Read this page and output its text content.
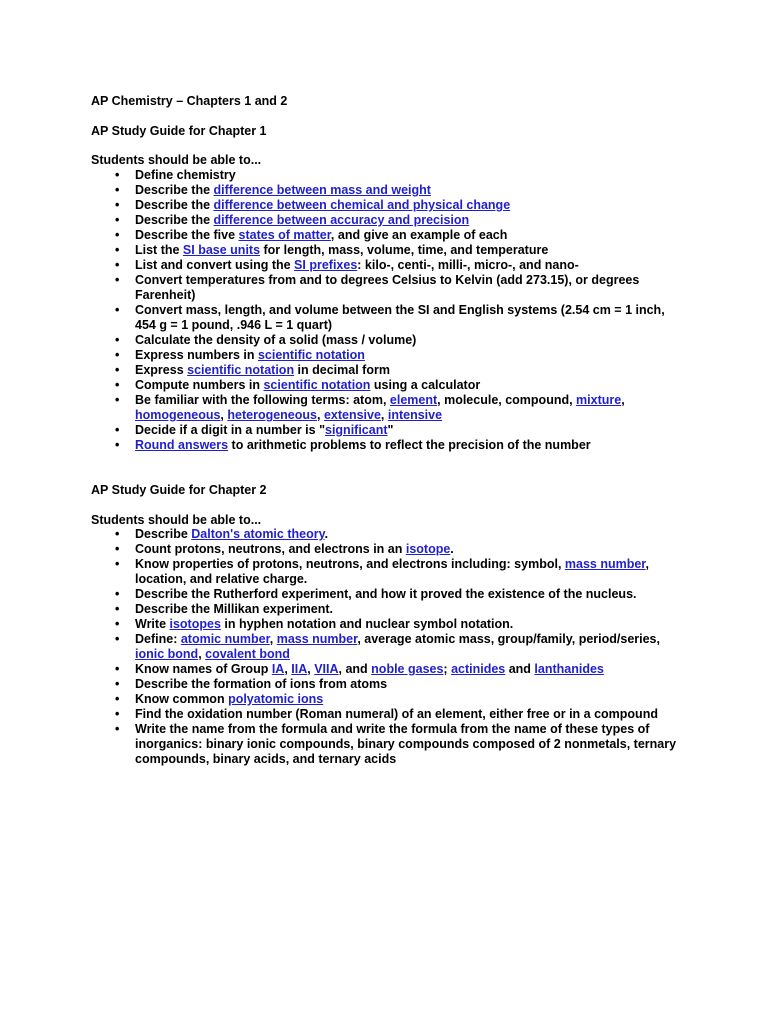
AP Chemistry – Chapters 1 and 2
AP Study Guide for Chapter 1

Students should be able to...

• Define chemistry
• Describe the difference between mass and weight
• Describe the difference between chemical and physical change
• Describe the difference between accuracy and precision
• Describe the five states of matter, and give an example of each
• List the SI base units for length, mass, volume, time, and temperature
• List and convert using the SI prefixes: kilo-, centi-, milli-, micro-, and nano-
• Convert temperatures from and to degrees Celsius to Kelvin (add 273.15), or degrees Farenheit)
• Convert mass, length, and volume between the SI and English systems (2.54 cm = 1 inch, 454 g = 1 pound, .946 L = 1 quart)
• Calculate the density of a solid (mass / volume)
• Express numbers in scientific notation
• Express scientific notation in decimal form
• Compute numbers in scientific notation using a calculator
• Be familiar with the following terms: atom, element, molecule, compound, mixture, homogeneous, heterogeneous, extensive, intensive
• Decide if a digit in a number is "significant"
• Round answers to arithmetic problems to reflect the precision of the number
AP Study Guide for Chapter 2

Students should be able to...

• Describe Dalton's atomic theory.
• Count protons, neutrons, and electrons in an isotope.
• Know properties of protons, neutrons, and electrons including: symbol, mass number, location, and relative charge.
• Describe the Rutherford experiment, and how it proved the existence of the nucleus.
• Describe the Millikan experiment.
• Write isotopes in hyphen notation and nuclear symbol notation.
• Define: atomic number, mass number, average atomic mass, group/family, period/series, ionic bond, covalent bond
• Know names of Group IA, IIA, VIIA, and noble gases; actinides and lanthanides
• Describe the formation of ions from atoms
• Know common polyatomic ions
• Find the oxidation number (Roman numeral) of an element, either free or in a compound
• Write the name from the formula and write the formula from the name of these types of inorganics: binary ionic compounds, binary compounds composed of 2 nonmetals, ternary compounds, binary acids, and ternary acids
